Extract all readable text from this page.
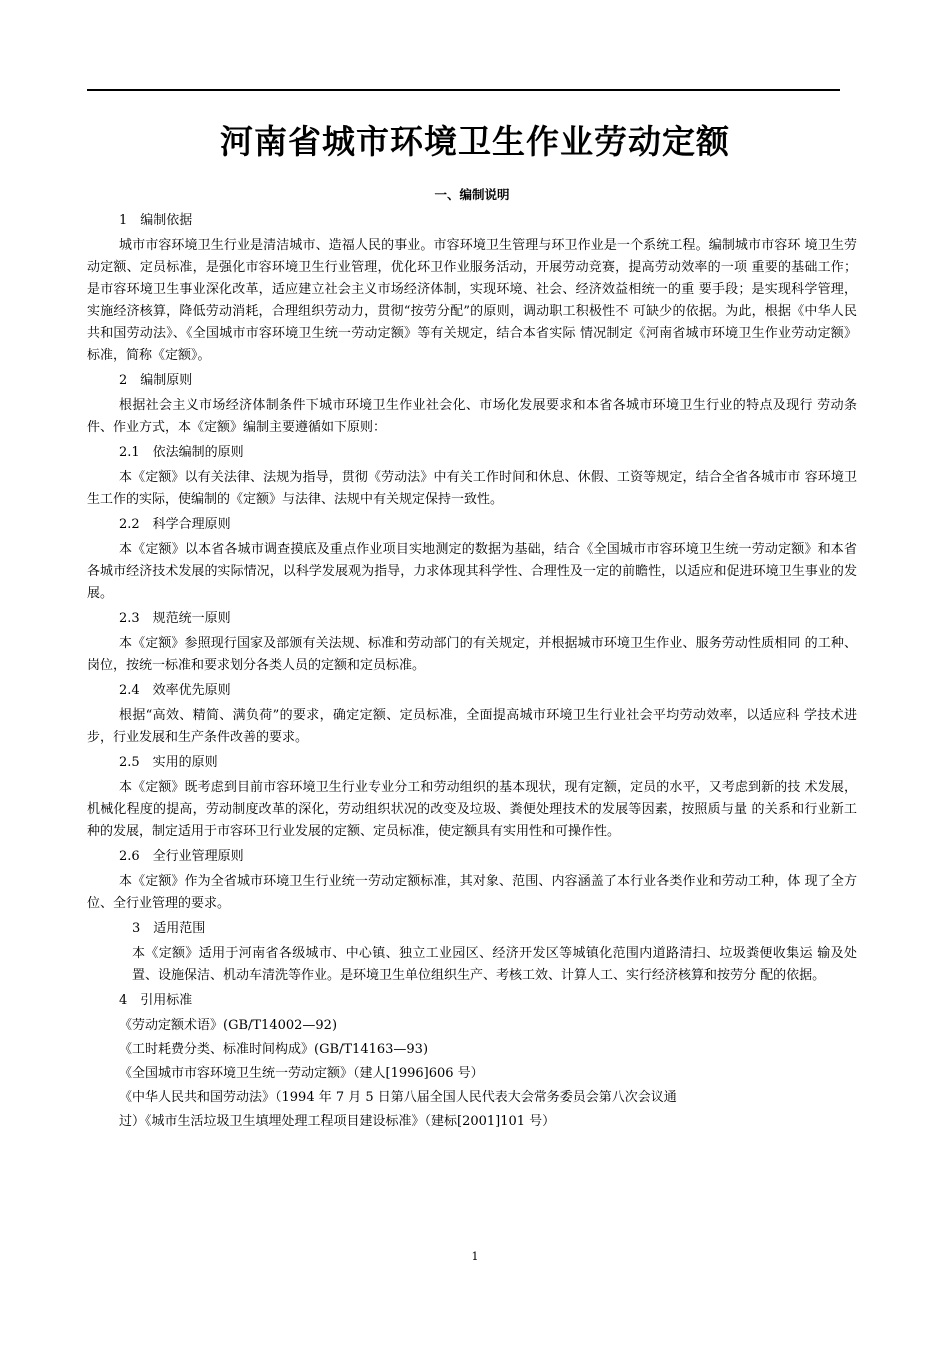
河南省城市环境卫生作业劳动定额
一、编制说明
1　编制依据

城市市容环境卫生行业是清洁城市、造福人民的事业。市容环境卫生管理与环卫作业是一个系统工程。编制城市市容环 境卫生劳动定额、定员标准，是强化市容环境卫生行业管理，优化环卫作业服务活动，开展劳动竞赛，提高劳动效率的一项 重要的基础工作；是市容环境卫生事业深化改革，适应建立社会主义市场经济体制，实现环境、社会、经济效益相统一的重 要手段；是实现科学管理，实施经济核算，降低劳动消耗，合理组织劳动力，贯彻“按劳分配”的原则，调动职工积极性不 可缺少的依据。为此，根据《中华人民共和国劳动法》、《全国城市市容环境卫生统一劳动定额》等有关规定，结合本省实际 情况制定《河南省城市环境卫生作业劳动定额》标准，简称《定额》。

2　编制原则

根据社会主义市场经济体制条件下城市环境卫生作业社会化、市场化发展要求和本省各城市环境卫生行业的特点及现行 劳动条件、作业方式，本《定额》编制主要遵循如下原则：

2.1　依法编制的原则

本《定额》以有关法律、法规为指导，贯彻《劳动法》中有关工作时间和休息、休假、工资等规定，结合全省各城市市 容环境卫生工作的实际，使编制的《定额》与法律、法规中有关规定保持一致性。

2.2　科学合理原则

本《定额》以本省各城市调查摸底及重点作业项目实地测定的数据为基础，结合《全国城市市容环境卫生统一劳动定额》和本省各城市经济技术发展的实际情况，以科学发展观为指导，力求体现其科学性、合理性及一定的前瞻性，以适应和促进环境卫生事业的发展。

2.3　规范统一原则

本《定额》参照现行国家及部颁有关法规、标准和劳动部门的有关规定，并根据城市环境卫生作业、服务劳动性质相同 的工种、岗位，按统一标准和要求划分各类人员的定额和定员标准。

2.4　效率优先原则

根据“高效、精简、满负荷”的要求，确定定额、定员标准，全面提高城市环境卫生行业社会平均劳动效率，以适应科 学技术进步，行业发展和生产条件改善的要求。

2.5　实用的原则

本《定额》既考虑到目前市容环境卫生行业专业分工和劳动组织的基本现状，现有定额，定员的水平，又考虑到新的技 术发展，机械化程度的提高，劳动制度改革的深化，劳动组织状况的改变及垃圾、粪便处理技术的发展等因素，按照质与量 的关系和行业新工种的发展，制定适用于市容环卫行业发展的定额、定员标准，使定额具有实用性和可操作性。

2.6　全行业管理原则

本《定额》作为全省城市环境卫生行业统一劳动定额标准，其对象、范围、内容涵盖了本行业各类作业和劳动工种，体 现了全方位、全行业管理的要求。

3　适用范围

本《定额》适用于河南省各级城市、中心镇、独立工业园区、经济开发区等城镇化范围内道路清扫、垃圾粪便收集运 输及处置、设施保洁、机动车清洗等作业。是环境卫生单位组织生产、考核工效、计算人工、实行经济核算和按劳分 配的依据。

4　引用标准
《劳动定额术语》(GB/T14002—92)
《工时耗费分类、标准时间构成》(GB/T14163—93)
《全国城市市容环境卫生统一劳动定额》（建人[1996]606 号）
《中华人民共和国劳动法》（1994 年 7 月 5 日第八届全国人民代表大会常务委员会第八次会议通
过）《城市生活垃圾卫生填埋处理工程项目建设标准》（建标[2001]101 号）
1
